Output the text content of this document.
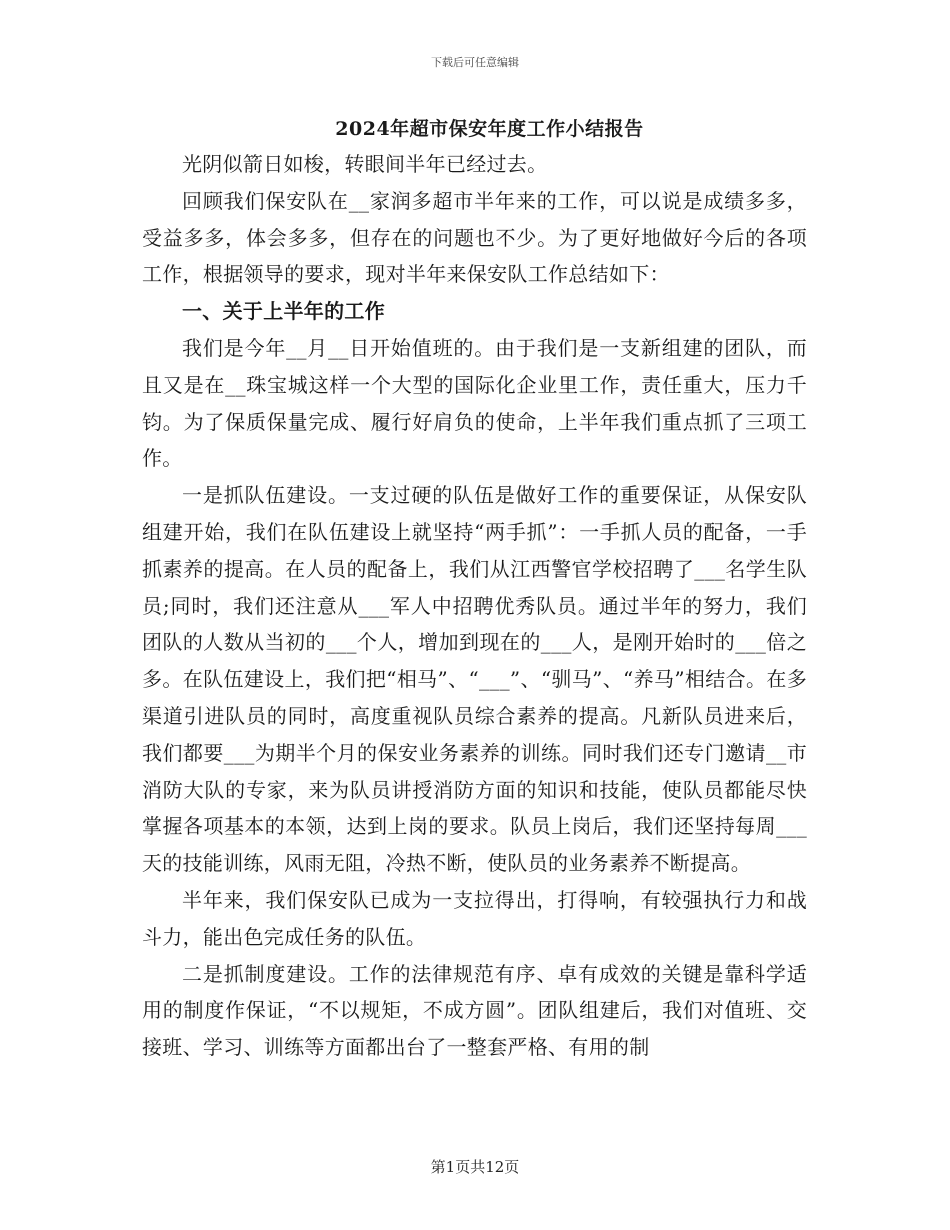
下载后可任意编辑
2024年超市保安年度工作小结报告

光阴似箭日如梭，转眼间半年已经过去。

回顾我们保安队在__家润多超市半年来的工作，可以说是成绩多多，受益多多，体会多多，但存在的问题也不少。为了更好地做好今后的各项工作，根据领导的要求，现对半年来保安队工作总结如下：

一、关于上半年的工作

我们是今年__月__日开始值班的。由于我们是一支新组建的团队，而且又是在__珠宝城这样一个大型的国际化企业里工作，责任重大，压力千钧。为了保质保量完成、履行好肩负的使命，上半年我们重点抓了三项工作。

一是抓队伍建设。一支过硬的队伍是做好工作的重要保证，从保安队组建开始，我们在队伍建设上就坚持“两手抓”：一手抓人员的配备，一手抓素养的提高。在人员的配备上，我们从江西警官学校招聘了___名学生队员;同时，我们还注意从___军人中招聘优秀队员。通过半年的努力，我们团队的人数从当初的___个人，增加到现在的___人，是刚开始时的___倍之多。在队伍建设上，我们把“相马”、“___”、“驯马”、“养马”相结合。在多渠道引进队员的同时，高度重视队员综合素养的提高。凡新队员进来后，我们都要___为期半个月的保安业务素养的训练。同时我们还专门邀请__市消防大队的专家，来为队员讲授消防方面的知识和技能，使队员都能尽快掌握各项基本的本领，达到上岗的要求。队员上岗后，我们还坚持每周___天的技能训练，风雨无阻，冷热不断，使队员的业务素养不断提高。

半年来，我们保安队已成为一支拉得出，打得响，有较强执行力和战斗力，能出色完成任务的队伍。

二是抓制度建设。工作的法律规范有序、卓有成效的关键是靠科学适用的制度作保证，“不以规矩，不成方圆”。团队组建后，我们对值班、交接班、学习、训练等方面都出台了一整套严格、有用的制

第1页共12页
